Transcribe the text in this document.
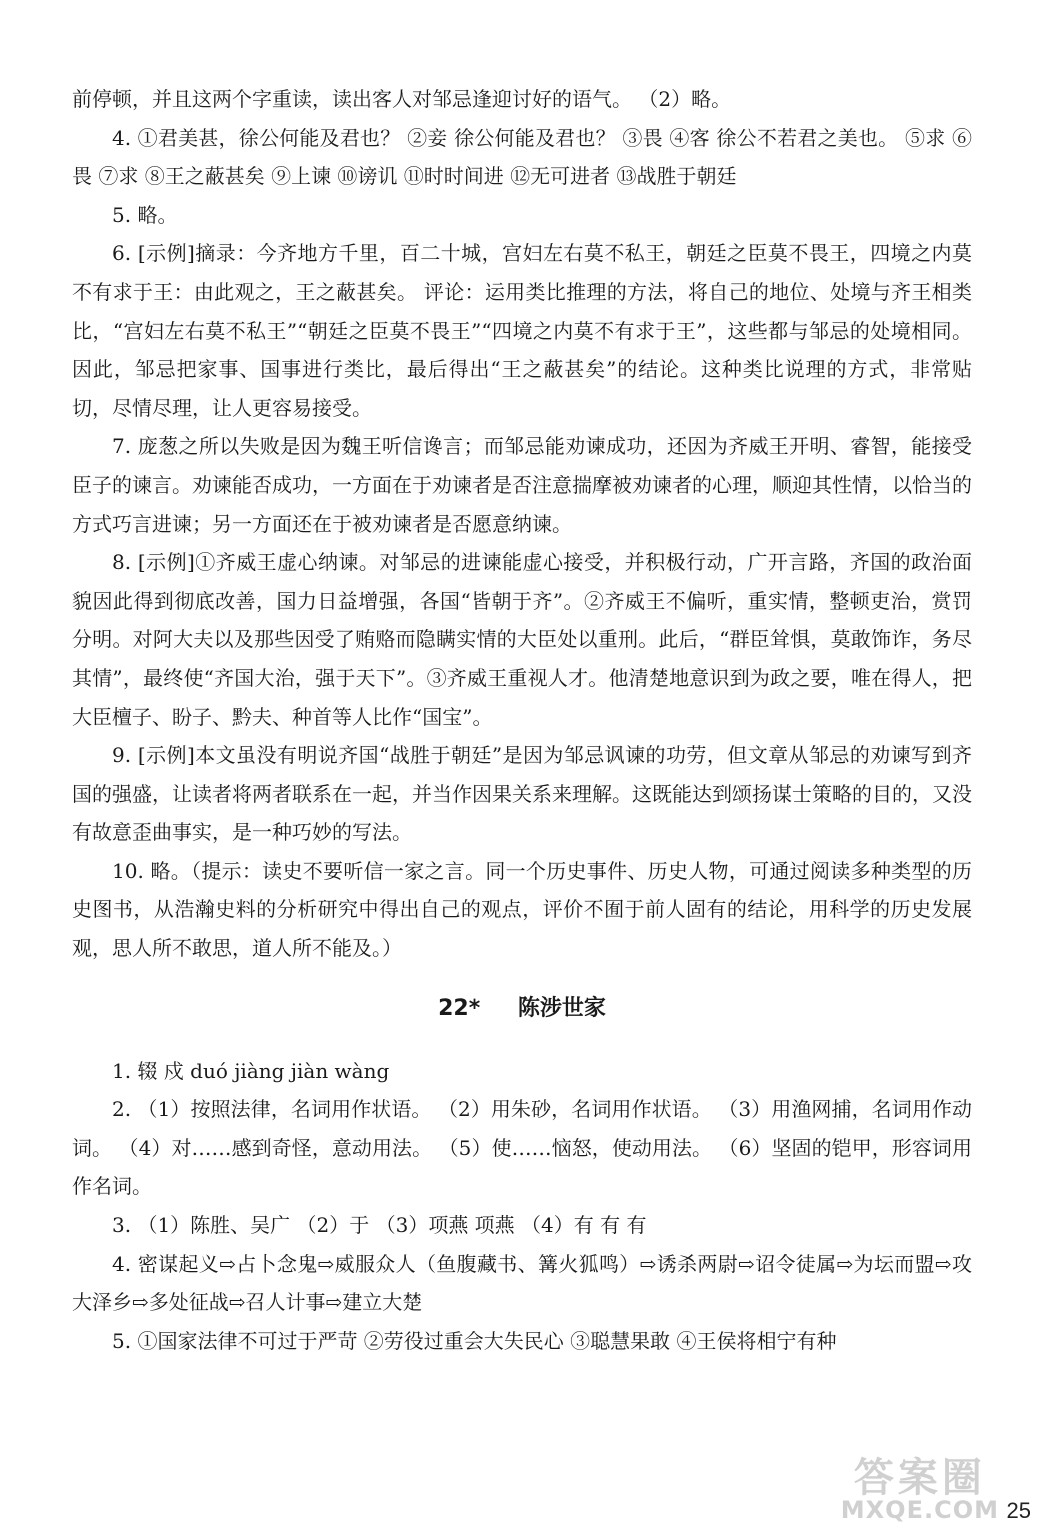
前停顿，并且这两个字重读，读出客人对邹忌逢迎讨好的语气。 （2）略。

4. ①君美甚，徐公何能及君也？ ②妾 徐公何能及君也？ ③畏 ④客 徐公不若君之美也。 ⑤求 ⑥畏 ⑦求 ⑧王之蔽甚矣 ⑨上谏 ⑩谤讥 ⑪时时间进 ⑫无可进者 ⑬战胜于朝廷

5. 略。

6. [示例]摘录：今齐地方千里，百二十城，宫妇左右莫不私王，朝廷之臣莫不畏王，四境之内莫不有求于王：由此观之，王之蔽甚矣。 评论：运用类比推理的方法，将自己的地位、处境与齐王相类比，“宫妇左右莫不私王”“朝廷之臣莫不畏王”“四境之内莫不有求于王”，这些都与邹忌的处境相同。因此，邹忌把家事、国事进行类比，最后得出“王之蔽甚矣”的结论。这种类比说理的方式，非常贴切，尽情尽理，让人更容易接受。

7. 庞葱之所以失败是因为魏王听信谗言；而邹忌能劝谏成功，还因为齐威王开明、睿智，能接受臣子的谏言。劝谏能否成功，一方面在于劝谏者是否注意揣摩被劝谏者的心理，顺迎其性情，以恰当的方式巧言进谏；另一方面还在于被劝谏者是否愿意纳谏。

8. [示例]①齐威王虚心纳谏。对邹忌的进谏能虚心接受，并积极行动，广开言路，齐国的政治面貌因此得到彻底改善，国力日益增强，各国“皆朝于齐”。②齐威王不偏听，重实情，整顿吏治，赏罚分明。对阿大夫以及那些因受了贿赂而隐瞒实情的大臣处以重刑。此后，“群臣耸惧，莫敢饰诈，务尽其情”，最终使“齐国大治，强于天下”。③齐威王重视人才。他清楚地意识到为政之要，唯在得人，把大臣檀子、盼子、黔夫、种首等人比作“国宝”。

9. [示例]本文虽没有明说齐国“战胜于朝廷”是因为邹忌讽谏的功劳，但文章从邹忌的劝谏写到齐国的强盛，让读者将两者联系在一起，并当作因果关系来理解。这既能达到颂扬谋士策略的目的，又没有故意歪曲事实，是一种巧妙的写法。

10. 略。（提示：读史不要听信一家之言。同一个历史事件、历史人物，可通过阅读多种类型的历史图书，从浩瀚史料的分析研究中得出自己的观点，评价不囿于前人固有的结论，用科学的历史发展观，思人所不敢思，道人所不能及。）

22* 陈涉世家

1. 辍 戍 duó jiàng jiàn wàng

2. （1）按照法律，名词用作状语。 （2）用朱砂，名词用作状语。 （3）用渔网捕，名词用作动词。 （4）对……感到奇怪，意动用法。 （5）使……恼怒，使动用法。 （6）坚固的铠甲，形容词用作名词。

3. （1）陈胜、吴广 （2）于 （3）项燕 项燕 （4）有 有 有

4. 密谋起义⇨占卜念鬼⇨威服众人（鱼腹藏书、篝火狐鸣）⇨诱杀两尉⇨诏令徒属⇨为坛而盟⇨攻大泽乡⇨多处征战⇨召人计事⇨建立大楚

5. ①国家法律不可过于严苛 ②劳役过重会大失民心 ③聪慧果敢 ④王侯将相宁有种

答案圈
MXQE.COM 25
